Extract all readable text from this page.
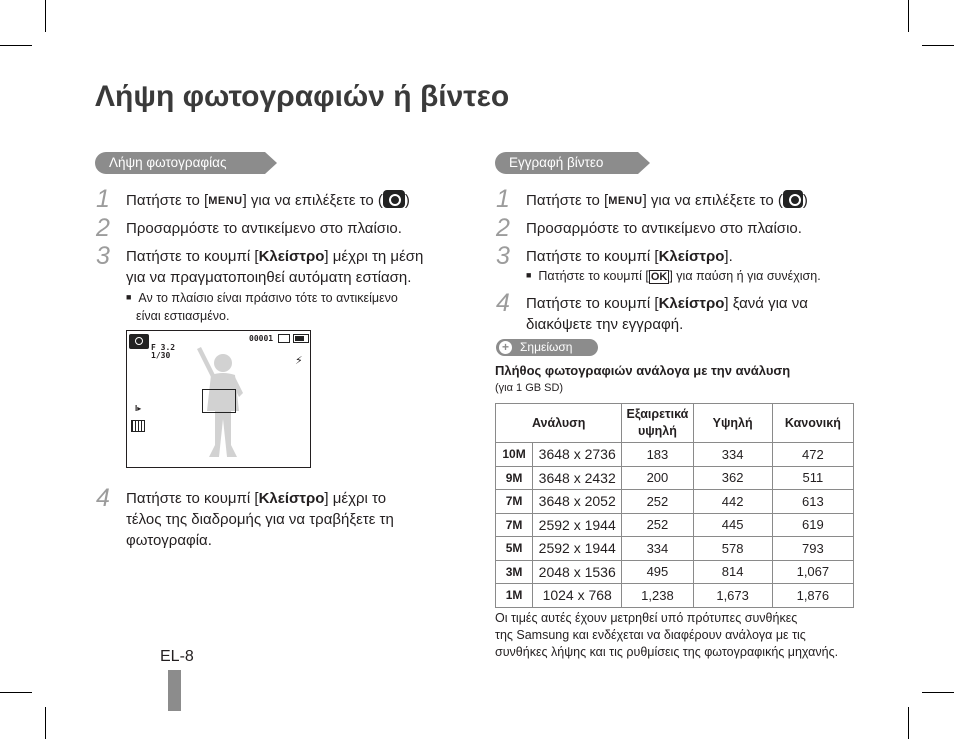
Λήψη φωτογραφιών ή βίντεο
Λήψη φωτογραφίας
1 Πατήστε το [MENU] για να επιλέξετε το ( )
2 Προσαρμόστε το αντικείμενο στο πλαίσιο.
3 Πατήστε το κουμπί [Κλείστρο] μέχρι τη μέση
για να πραγματοποιηθεί αυτόματη εστίαση.
■ Αν το πλαίσιο είναι πράσινο τότε το αντικείμενο
είναι εστιασμένο.
F 3.2
1/30
00001
⚡
I▸
4 Πατήστε το κουμπί [Κλείστρο] μέχρι το
τέλος της διαδρομής για να τραβήξετε τη
φωτογραφία.
EL-8
Εγγραφή βίντεο
1 Πατήστε το [MENU] για να επιλέξετε το ( )
2 Προσαρμόστε το αντικείμενο στο πλαίσιο.
3 Πατήστε το κουμπί [Κλείστρο].
■ Πατήστε το κουμπί [ OK ] για παύση ή για συνέχιση.
4 Πατήστε το κουμπί [Κλείστρο] ξανά για να
διακόψετε την εγγραφή.
+ Σημείωση
Πλήθος φωτογραφιών ανάλογα με την ανάλυση
(για 1 GB SD)
Ανάλυση		Εξαιρετικά υψηλή	Υψηλή	Κανονική
10M	3648 x 2736	183	334	472
9M	3648 x 2432	200	362	511
7M	3648 x 2052	252	442	613
7M	2592 x 1944	252	445	619
5M	2592 x 1944	334	578	793
3M	2048 x 1536	495	814	1,067
1M	1024 x 768	1,238	1,673	1,876
Οι τιμές αυτές έχουν μετρηθεί υπό πρότυπες συνθήκες
της Samsung και ενδέχεται να διαφέρουν ανάλογα με τις
συνθήκες λήψης και τις ρυθμίσεις της φωτογραφικής μηχανής.
